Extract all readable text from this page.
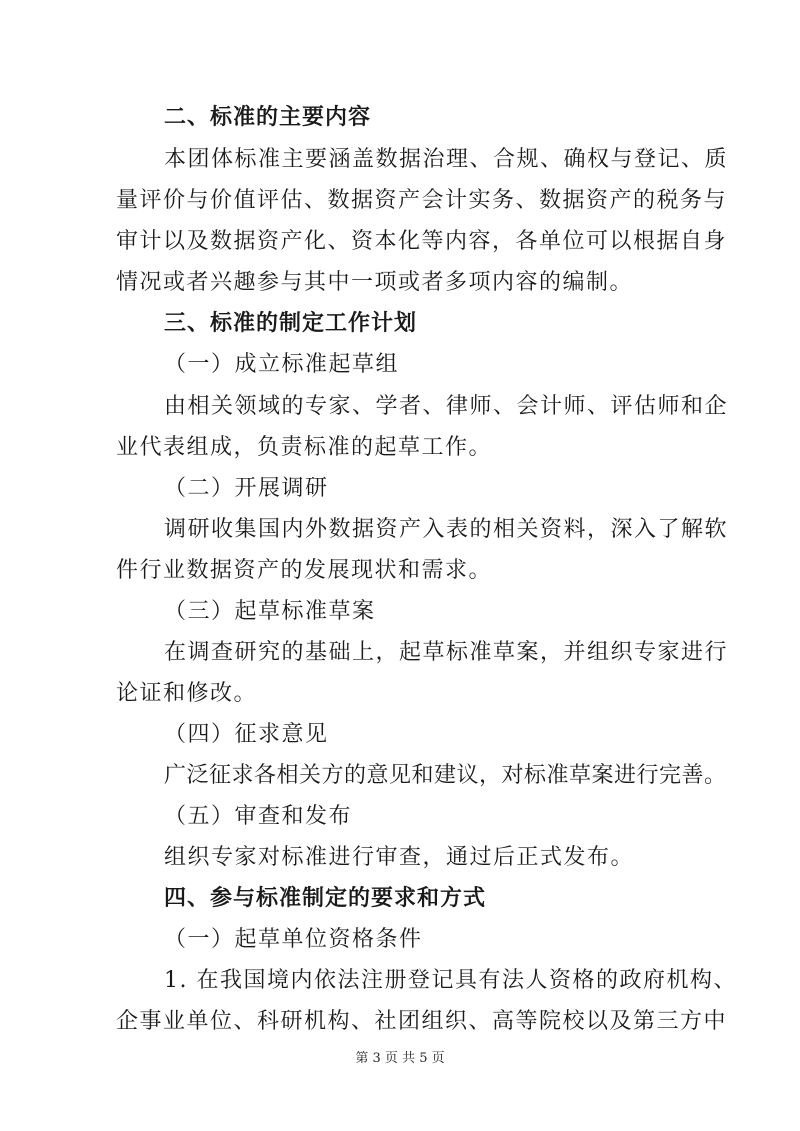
二、标准的主要内容
本团体标准主要涵盖数据治理、合规、确权与登记、质
量评价与价值评估、数据资产会计实务、数据资产的税务与
审计以及数据资产化、资本化等内容，各单位可以根据自身
情况或者兴趣参与其中一项或者多项内容的编制。
三、标准的制定工作计划
（一）成立标准起草组
由相关领域的专家、学者、律师、会计师、评估师和企
业代表组成，负责标准的起草工作。
（二）开展调研
调研收集国内外数据资产入表的相关资料，深入了解软
件行业数据资产的发展现状和需求。
（三）起草标准草案
在调查研究的基础上，起草标准草案，并组织专家进行
论证和修改。
（四）征求意见
广泛征求各相关方的意见和建议，对标准草案进行完善。
（五）审查和发布
组织专家对标准进行审查，通过后正式发布。
四、参与标准制定的要求和方式
（一）起草单位资格条件
1. 在我国境内依法注册登记具有法人资格的政府机构、
企事业单位、科研机构、社团组织、高等院校以及第三方中
第 3 页 共 5 页
